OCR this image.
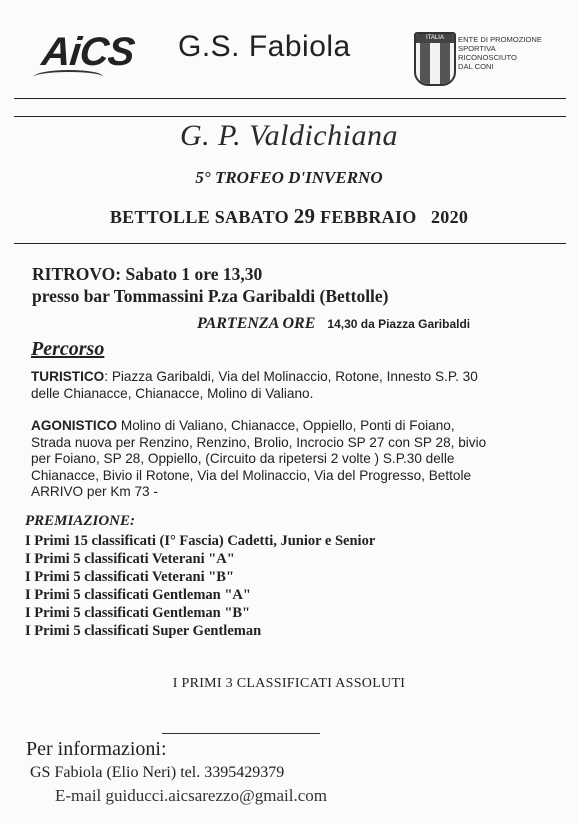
AiCS G.S. Fabiola	ITALIA	ENTE DI PROMOZIONE
SPORTIVA
RICONOSCIUTO
DAL CONI
G. P. Valdichiana
5° TROFEO D'INVERNO
BETTOLLE SABATO 29 FEBBRAIO 2020
RITROVO: Sabato 1 ore 13,30
presso bar Tommassini P.za Garibaldi (Bettolle)
PARTENZA ORE 14,30 da Piazza Garibaldi
Percorso
TURISTICO: Piazza Garibaldi, Via del Molinaccio, Rotone, Innesto S.P. 30
delle Chianacce, Chianacce, Molino di Valiano.
AGONISTICO Molino di Valiano, Chianacce, Oppiello, Ponti di Foiano,
Strada nuova per Renzino, Renzino, Brolio, Incrocio SP 27 con SP 28, bivio
per Foiano, SP 28, Oppiello, (Circuito da ripetersi 2 volte ) S.P.30 delle
Chianacce, Bivio il Rotone, Via del Molinaccio, Via del Progresso, Bettole
ARRIVO per Km 73 -
PREMIAZIONE:
I Primi 15 classificati (I° Fascia) Cadetti, Junior e Senior
I Primi 5 classificati Veterani "A"
I Primi 5 classificati Veterani "B"
I Primi 5 classificati Gentleman "A"
I Primi 5 classificati Gentleman "B"
I Primi 5 classificati Super Gentleman
I PRIMI 3 CLASSIFICATI ASSOLUTI
Per informazioni:
GS Fabiola (Elio Neri) tel. 3395429379
E-mail guiducci.aicsarezzo@gmail.com
